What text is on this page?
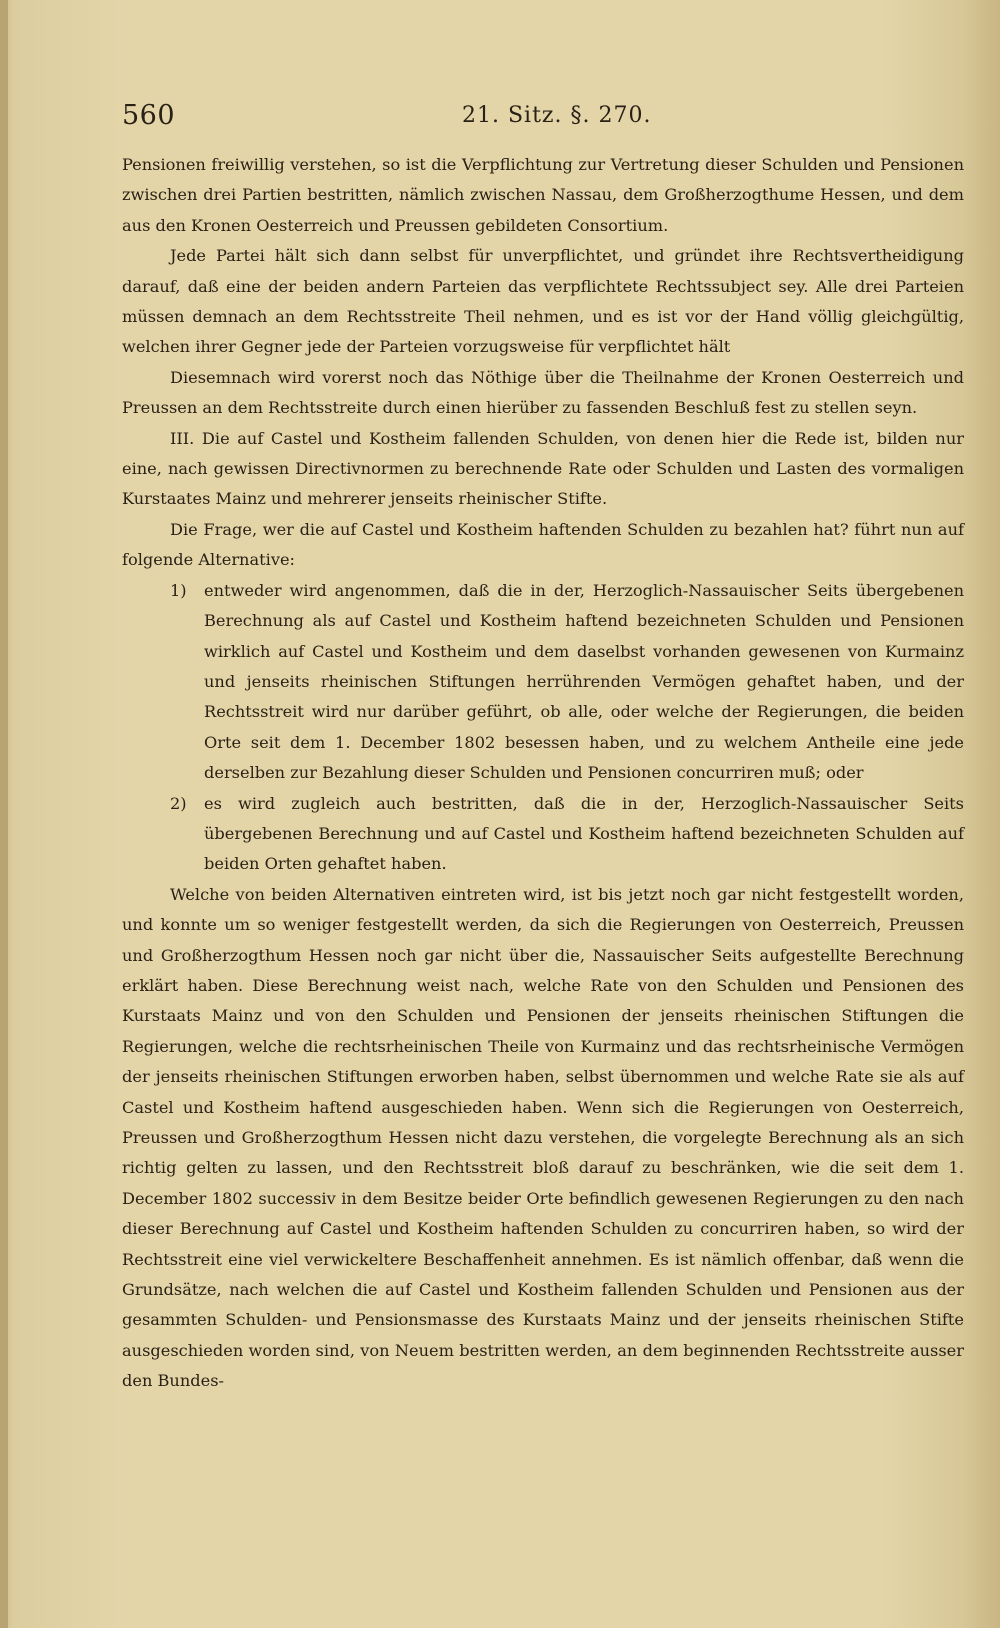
560	21. Sitz. §. 270.

Pensionen freiwillig verstehen, so ist die Verpflichtung zur Vertretung dieser Schulden und Pensionen zwischen drei Partien bestritten, nämlich zwischen Nassau, dem Großherzogthume Hessen, und dem aus den Kronen Oesterreich und Preussen gebildeten Consortium.

Jede Partei hält sich dann selbst für unverpflichtet, und gründet ihre Rechtsvertheidigung darauf, daß eine der beiden andern Parteien das verpflichtete Rechtssubject sey. Alle drei Parteien müssen demnach an dem Rechtsstreite Theil nehmen, und es ist vor der Hand völlig gleichgültig, welchen ihrer Gegner jede der Parteien vorzugsweise für verpflichtet hält

Diesemnach wird vorerst noch das Nöthige über die Theilnahme der Kronen Oesterreich und Preussen an dem Rechtsstreite durch einen hierüber zu fassenden Beschluß fest zu stellen seyn.

III. Die auf Castel und Kostheim fallenden Schulden, von denen hier die Rede ist, bilden nur eine, nach gewissen Directivnormen zu berechnende Rate oder Schulden und Lasten des vormaligen Kurstaates Mainz und mehrerer jenseits rheinischer Stifte.

Die Frage, wer die auf Castel und Kostheim haftenden Schulden zu bezahlen hat? führt nun auf folgende Alternative:

1) entweder wird angenommen, daß die in der, Herzoglich-Nassauischer Seits übergebenen Berechnung als auf Castel und Kostheim haftend bezeichneten Schulden und Pensionen wirklich auf Castel und Kostheim und dem daselbst vorhanden gewesenen von Kurmainz und jenseits rheinischen Stiftungen herrührenden Vermögen gehaftet haben, und der Rechtsstreit wird nur darüber geführt, ob alle, oder welche der Regierungen, die beiden Orte seit dem 1. December 1802 besessen haben, und zu welchem Antheile eine jede derselben zur Bezahlung dieser Schulden und Pensionen concurriren muß; oder
2) es wird zugleich auch bestritten, daß die in der, Herzoglich-Nassauischer Seits übergebenen Berechnung und auf Castel und Kostheim haftend bezeichneten Schulden auf beiden Orten gehaftet haben.

Welche von beiden Alternativen eintreten wird, ist bis jetzt noch gar nicht festgestellt worden, und konnte um so weniger festgestellt werden, da sich die Regierungen von Oesterreich, Preussen und Großherzogthum Hessen noch gar nicht über die, Nassauischer Seits aufgestellte Berechnung erklärt haben. Diese Berechnung weist nach, welche Rate von den Schulden und Pensionen des Kurstaats Mainz und von den Schulden und Pensionen der jenseits rheinischen Stiftungen die Regierungen, welche die rechtsrheinischen Theile von Kurmainz und das rechtsrheinische Vermögen der jenseits rheinischen Stiftungen erworben haben, selbst übernommen und welche Rate sie als auf Castel und Kostheim haftend ausgeschieden haben. Wenn sich die Regierungen von Oesterreich, Preussen und Großherzogthum Hessen nicht dazu verstehen, die vorgelegte Berechnung als an sich richtig gelten zu lassen, und den Rechtsstreit bloß darauf zu beschränken, wie die seit dem 1. December 1802 successiv in dem Besitze beider Orte befindlich gewesenen Regierungen zu den nach dieser Berechnung auf Castel und Kostheim haftenden Schulden zu concurriren haben, so wird der Rechtsstreit eine viel verwickeltere Beschaffenheit annehmen. Es ist nämlich offenbar, daß wenn die Grundsätze, nach welchen die auf Castel und Kostheim fallenden Schulden und Pensionen aus der gesammten Schulden- und Pensionsmasse des Kurstaats Mainz und der jenseits rheinischen Stifte ausgeschieden worden sind, von Neuem bestritten werden, an dem beginnenden Rechtsstreite ausser den Bundes-
